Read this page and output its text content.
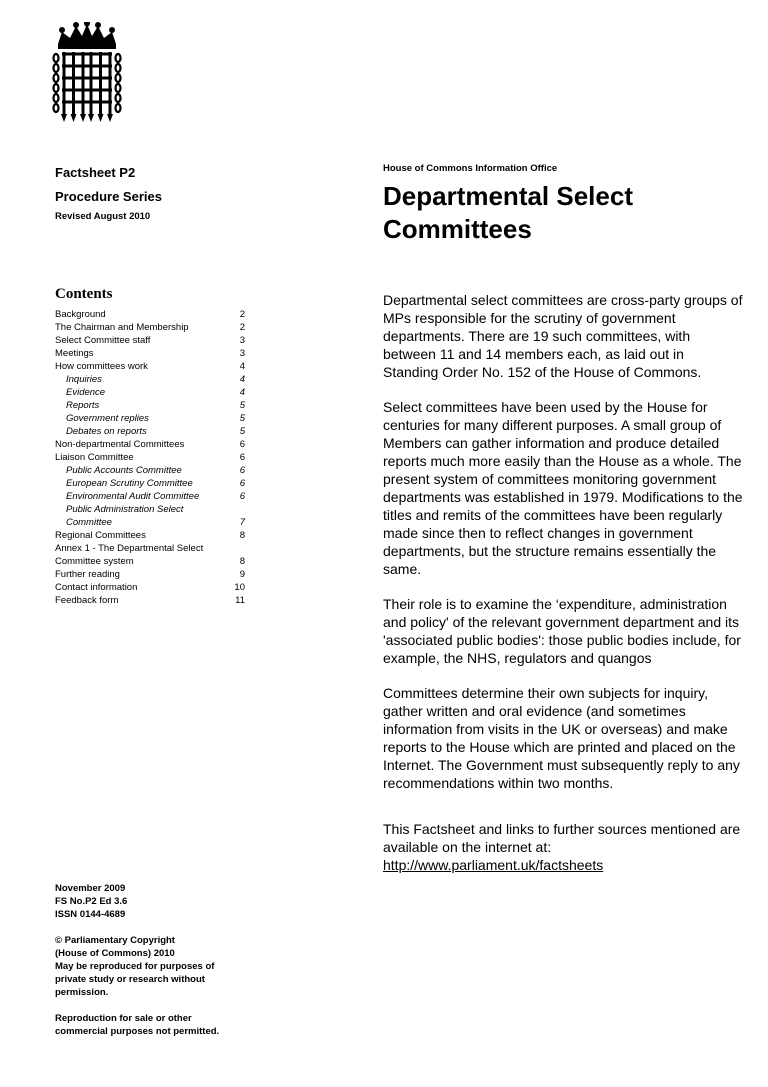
Factsheet P2

Procedure Series

Revised August 2010

House of Commons Information Office

Departmental Select
Committees
Contents
Background	2
The Chairman and Membership	2
Select Committee staff	3
Meetings	3
How committees work	4
Inquiries	4
Evidence	4
Reports	5
Government replies	5
Debates on reports	5
Non-departmental Committees	6
Liaison Committee	6
Public Accounts Committee	6
European Scrutiny Committee	6
Environmental Audit Committee	6
Public Administration Select
Committee	7
Regional Committees	8
Annex 1 - The Departmental Select
Committee system	8
Further reading	9
Contact information	10
Feedback form	11

Departmental select committees are cross-party groups of MPs responsible for the scrutiny of government departments. There are 19 such committees, with between 11 and 14 members each, as laid out in Standing Order No. 152 of the House of Commons.

Select committees have been used by the House for centuries for many different purposes. A small group of Members can gather information and produce detailed reports much more easily than the House as a whole. The present system of committees monitoring government departments was established in 1979. Modifications to the titles and remits of the committees have been regularly made since then to reflect changes in government departments, but the structure remains essentially the same.

Their role is to examine the ‘expenditure, administration and policy' of the relevant government department and its 'associated public bodies': those public bodies include, for example, the NHS, regulators and quangos

Committees determine their own subjects for inquiry, gather written and oral evidence (and sometimes information from visits in the UK or overseas) and make reports to the House which are printed and placed on the Internet. The Government must subsequently reply to any recommendations within two months.

This Factsheet and links to further sources mentioned are available on the internet at:
http://www.parliament.uk/factsheets

November 2009
FS No.P2 Ed 3.6
ISSN 0144-4689

© Parliamentary Copyright
(House of Commons) 2010
May be reproduced for purposes of
private study or research without
permission.

Reproduction for sale or other
commercial purposes not permitted.
